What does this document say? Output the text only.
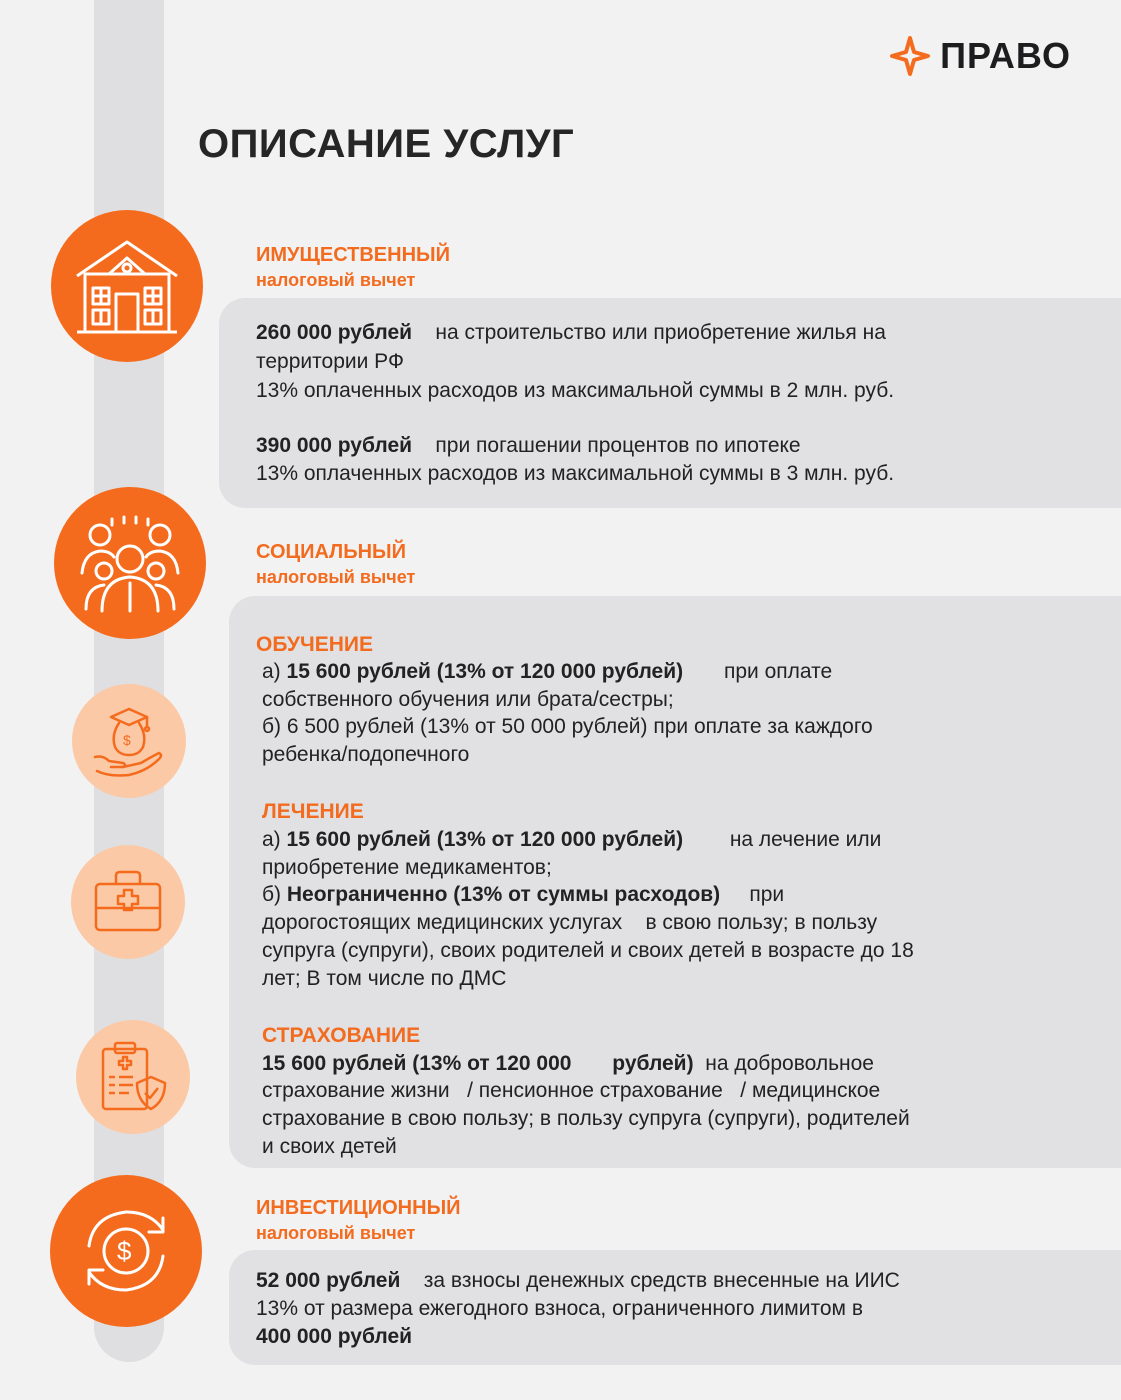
ПРАВО
ОПИСАНИЕ УСЛУГ
ИМУЩЕСТВЕННЫЙ
налоговый вычет
260 000 рублей на строительство или приобретение жилья на
территории РФ
13% оплаченных расходов из максимальной суммы в 2 млн. руб.
390 000 рублей при погашении процентов по ипотеке
13% оплаченных расходов из максимальной суммы в 3 млн. руб.
СОЦИАЛЬНЫЙ
налоговый вычет
ОБУЧЕНИЕ
а) 15 600 рублей (13% от 120 000 рублей) при оплате
собственного обучения или брата/сестры;
б) 6 500 рублей (13% от 50 000 рублей) при оплате за каждого
ребенка/подопечного
ЛЕЧЕНИЕ
а) 15 600 рублей (13% от 120 000 рублей) на лечение или
приобретение медикаментов;
б) Неограниченно (13% от суммы расходов) при
дорогостоящих медицинских услугах в свою пользу; в пользу
супруга (супруги), своих родителей и своих детей в возрасте до 18
лет; В том числе по ДМС
СТРАХОВАНИЕ
15 600 рублей (13% от 120 000 рублей) на добровольное
страхование жизни / пенсионное страхование / медицинское
страхование в свою пользу; в пользу супруга (супруги), родителей
и своих детей
$
$
ИНВЕСТИЦИОННЫЙ
налоговый вычет
52 000 рублей за взносы денежных средств внесенные на ИИС
13% от размера ежегодного взноса, ограниченного лимитом в
400 000 рублей
